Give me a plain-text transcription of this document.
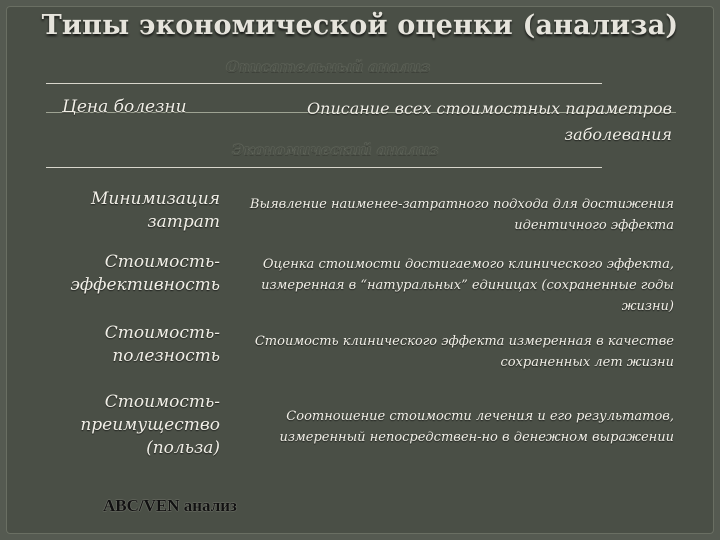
Типы экономической оценки (анализа)
Описательный анализ
Цена болезни	Описание всех стоимостных параметров заболевания
Экономический анализ
Минимизация затрат
Выявление наименее-затратного подхода для достижения идентичного эффекта
Стоимость-эффективность
Оценка стоимости достигаемого клинического эффекта, измеренная в “натуральных” единицах (сохраненные годы жизни)
Стоимость-полезность
Стоимость клинического эффекта измеренная в качестве сохраненных лет жизни
Стоимость-преимущество (польза)
Соотношение стоимости лечения и его результатов, измеренный непосредствен-но в денежном выражении
АВС/VEN анализ
